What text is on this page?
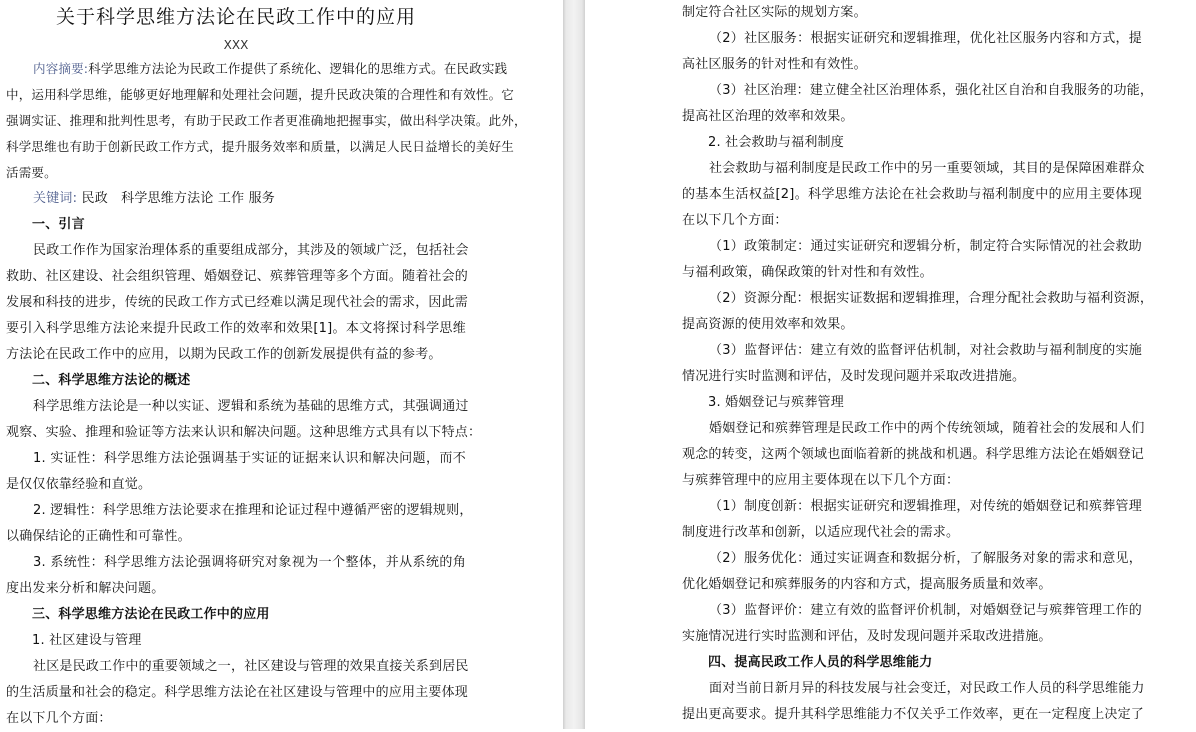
关于科学思维方法论在民政工作中的应用
XXX
内容摘要:科学思维方法论为民政工作提供了系统化、逻辑化的思维方式。在民政实践
中，运用科学思维，能够更好地理解和处理社会问题，提升民政决策的合理性和有效性。它
强调实证、推理和批判性思考，有助于民政工作者更准确地把握事实，做出科学决策。此外，
科学思维也有助于创新民政工作方式，提升服务效率和质量，以满足人民日益增长的美好生
活需要。
关键词: 民政　科学思维方法论 工作 服务
一、引言
民政工作作为国家治理体系的重要组成部分，其涉及的领域广泛，包括社会
救助、社区建设、社会组织管理、婚姻登记、殡葬管理等多个方面。随着社会的
发展和科技的进步，传统的民政工作方式已经难以满足现代社会的需求，因此需
要引入科学思维方法论来提升民政工作的效率和效果[1]。本文将探讨科学思维
方法论在民政工作中的应用，以期为民政工作的创新发展提供有益的参考。
二、科学思维方法论的概述
科学思维方法论是一种以实证、逻辑和系统为基础的思维方式，其强调通过
观察、实验、推理和验证等方法来认识和解决问题。这种思维方式具有以下特点：
1. 实证性：科学思维方法论强调基于实证的证据来认识和解决问题，而不
是仅仅依靠经验和直觉。
2. 逻辑性：科学思维方法论要求在推理和论证过程中遵循严密的逻辑规则，
以确保结论的正确性和可靠性。
3. 系统性：科学思维方法论强调将研究对象视为一个整体，并从系统的角
度出发来分析和解决问题。
三、科学思维方法论在民政工作中的应用
1. 社区建设与管理
社区是民政工作中的重要领域之一，社区建设与管理的效果直接关系到居民
的生活质量和社会的稳定。科学思维方法论在社区建设与管理中的应用主要体现
在以下几个方面：
制定符合社区实际的规划方案。
（2）社区服务：根据实证研究和逻辑推理，优化社区服务内容和方式，提
高社区服务的针对性和有效性。
（3）社区治理：建立健全社区治理体系，强化社区自治和自我服务的功能，
提高社区治理的效率和效果。
2. 社会救助与福利制度
社会救助与福利制度是民政工作中的另一重要领域，其目的是保障困难群众
的基本生活权益[2]。科学思维方法论在社会救助与福利制度中的应用主要体现
在以下几个方面：
（1）政策制定：通过实证研究和逻辑分析，制定符合实际情况的社会救助
与福利政策，确保政策的针对性和有效性。
（2）资源分配：根据实证数据和逻辑推理，合理分配社会救助与福利资源，
提高资源的使用效率和效果。
（3）监督评估：建立有效的监督评估机制，对社会救助与福利制度的实施
情况进行实时监测和评估，及时发现问题并采取改进措施。
3. 婚姻登记与殡葬管理
婚姻登记和殡葬管理是民政工作中的两个传统领域，随着社会的发展和人们
观念的转变，这两个领域也面临着新的挑战和机遇。科学思维方法论在婚姻登记
与殡葬管理中的应用主要体现在以下几个方面：
（1）制度创新：根据实证研究和逻辑推理，对传统的婚姻登记和殡葬管理
制度进行改革和创新，以适应现代社会的需求。
（2）服务优化：通过实证调查和数据分析，了解服务对象的需求和意见，
优化婚姻登记和殡葬服务的内容和方式，提高服务质量和效率。
（3）监督评价：建立有效的监督评价机制，对婚姻登记与殡葬管理工作的
实施情况进行实时监测和评估，及时发现问题并采取改进措施。
四、提高民政工作人员的科学思维能力
面对当前日新月异的科技发展与社会变迁，对民政工作人员的科学思维能力
提出更高要求。提升其科学思维能力不仅关乎工作效率，更在一定程度上决定了
